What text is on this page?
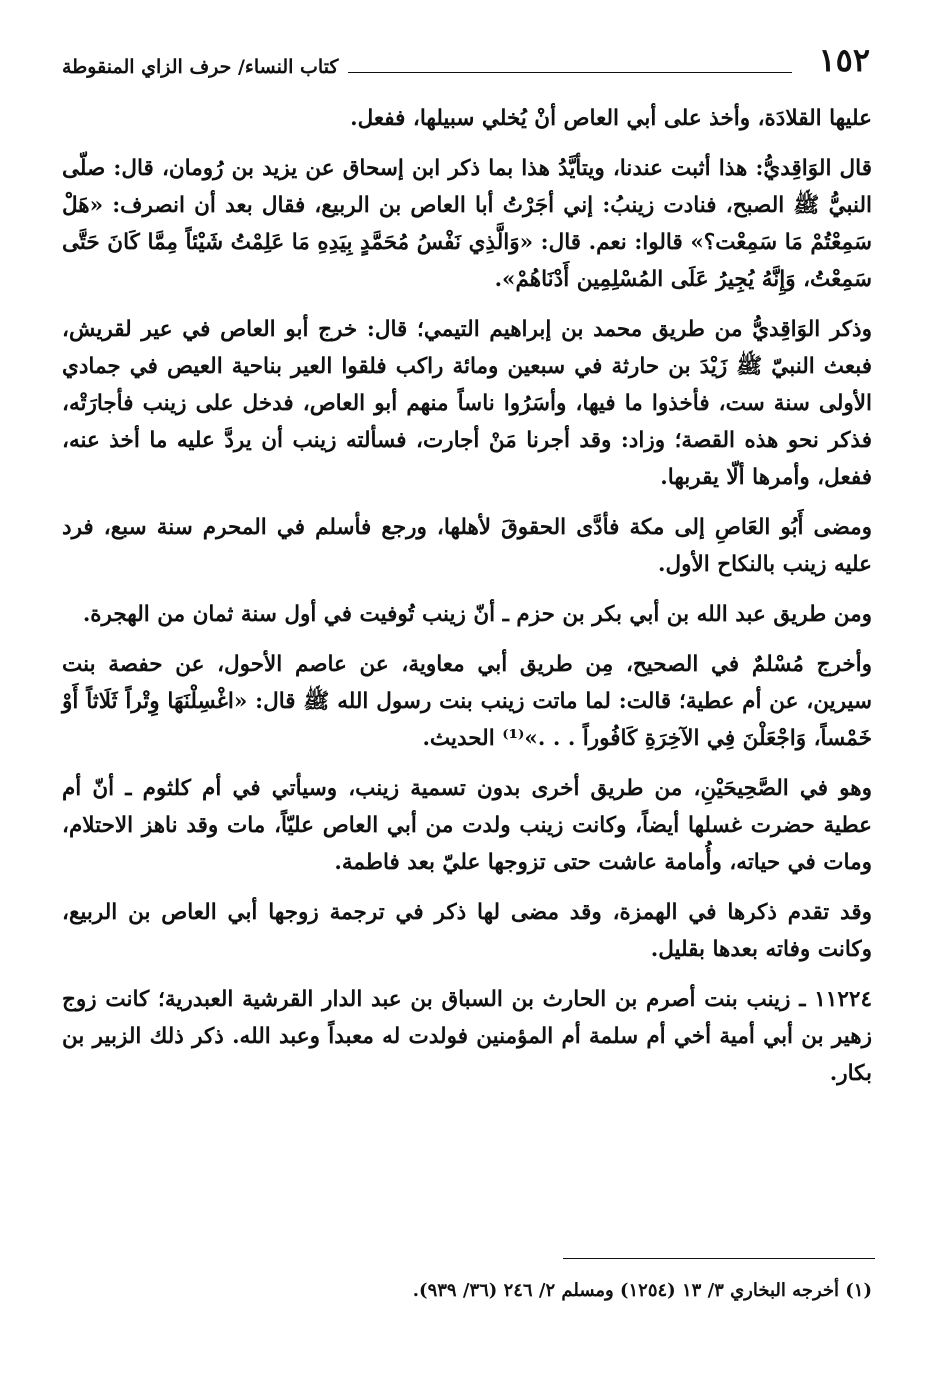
١٥٢
كتاب النساء/ حرف الزاي المنقوطة

عليها القلادَة، وأخذ على أبي العاص أنْ يُخلي سبيلها، ففعل.

قال الوَاقِديُّ: هذا أثبت عندنا، ويتأيَّدُ هذا بما ذكر ابن إسحاق عن يزيد بن رُومان، قال: صلّى النبيُّ ﷺ الصبح، فنادت زينبُ: إني أجَرْتُ أبا العاص بن الربيع، فقال بعد أن انصرف: «هَلْ سَمِعْتُمْ مَا سَمِعْت؟» قالوا: نعم. قال: «وَالَّذِي نَفْسُ مُحَمَّدٍ بِيَدِهِ مَا عَلِمْتُ شَيْئاً مِمَّا كَانَ حَتَّى سَمِعْتُ، وَإِنَّهُ يُجِيرُ عَلَى المُسْلِمِين أَدْنَاهُمْ».

وذكر الوَاقِديُّ من طريق محمد بن إبراهيم التيمي؛ قال: خرج أبو العاص في عير لقريش، فبعث النبيّ ﷺ زَيْدَ بن حارثة في سبعين ومائة راكب فلقوا العير بناحية العيص في جمادي الأولى سنة ست، فأخذوا ما فيها، وأسَرُوا ناساً منهم أبو العاص، فدخل على زينب فأجارَتْه، فذكر نحو هذه القصة؛ وزاد: وقد أجرنا مَنْ أجارت، فسألته زينب أن يردَّ عليه ما أخذ عنه، ففعل، وأمرها ألّا يقربها.

ومضى أَبُو العَاصِ إلى مكة فأدَّى الحقوقَ لأهلها، ورجع فأسلم في المحرم سنة سبع، فرد عليه زينب بالنكاح الأول.

ومن طريق عبد الله بن أبي بكر بن حزم ـ أنّ زينب تُوفيت في أول سنة ثمان من الهجرة.

وأخرج مُسْلمٌ في الصحيح، مِن طريق أبي معاوية، عن عاصم الأحول، عن حفصة بنت سيرين، عن أم عطية؛ قالت: لما ماتت زينب بنت رسول الله ﷺ قال: «اغْسِلْنَهَا وِتْراً ثَلَاثاً أَوْ خَمْساً، وَاجْعَلْنَ فِي الآخِرَةِ كَافُوراً . . .»⁽¹⁾ الحديث.

وهو في الصَّحِيحَيْنِ، من طريق أخرى بدون تسمية زينب، وسيأتي في أم كلثوم ـ أنّ أم عطية حضرت غسلها أيضاً، وكانت زينب ولدت من أبي العاص عليّاً، مات وقد ناهز الاحتلام، ومات في حياته، وأُمامة عاشت حتى تزوجها عليّ بعد فاطمة.

وقد تقدم ذكرها في الهمزة، وقد مضى لها ذكر في ترجمة زوجها أبي العاص بن الربيع، وكانت وفاته بعدها بقليل.

١١٢٢٤ ـ زينب بنت أصرم بن الحارث بن السباق بن عبد الدار القرشية العبدرية؛ كانت زوج زهير بن أبي أمية أخي أم سلمة أم المؤمنين فولدت له معبداً وعبد الله. ذكر ذلك الزبير بن بكار.

(١) أخرجه البخاري ٣/ ١٣ (١٢٥٤) ومسلم ٢/ ٢٤٦ (٣٦/ ٩٣٩).
